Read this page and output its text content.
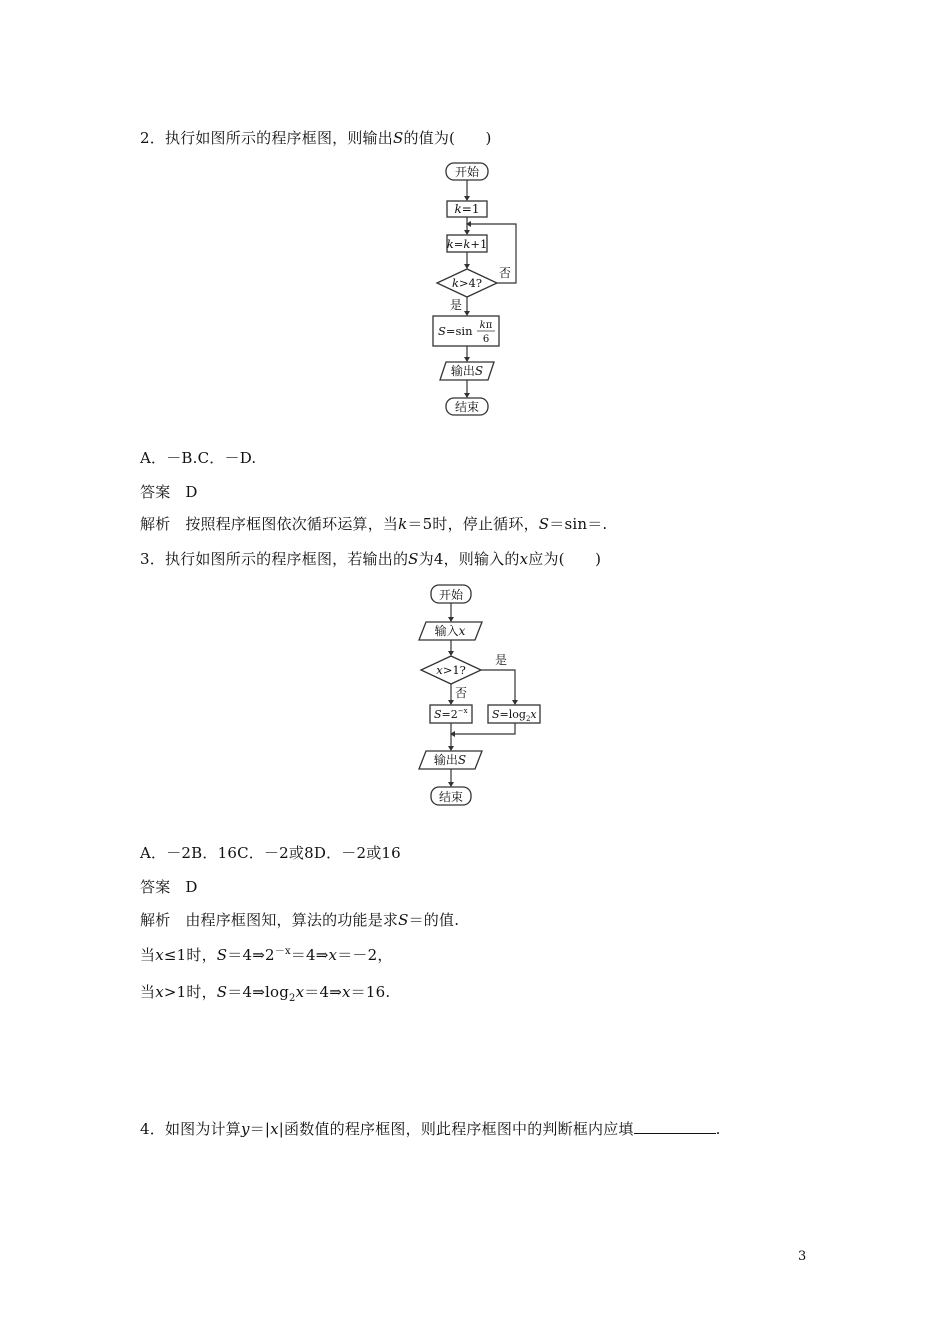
2．执行如图所示的程序框图，则输出S的值为(　　)
开始
k=1
k=k+1
k>4?
否
是
S=sin kπ
6
输出S
结束
A．－B.C．－D.
答案 D
解析 按照程序框图依次循环运算，当k＝5时，停止循环，S＝sin＝.
3．执行如图所示的程序框图，若输出的S为4，则输入的x应为(　　)
开始
输入x
x>1?
是
否
$S=2^{-x}$ $S=\log_2x$
输出S
结束
A．－2B．16C．－2或8D．－2或16
答案 D
解析 由程序框图知，算法的功能是求S＝的值.
当x≤1时，$S=4\Rightarrow 2^{-x}=4\Rightarrow x=-2$，
当x>1时，$S=4\Rightarrow\log_2x=4\Rightarrow x=16$.
4．如图为计算y＝|x|函数值的程序框图，则此程序框图中的判断框内应填	.
3
